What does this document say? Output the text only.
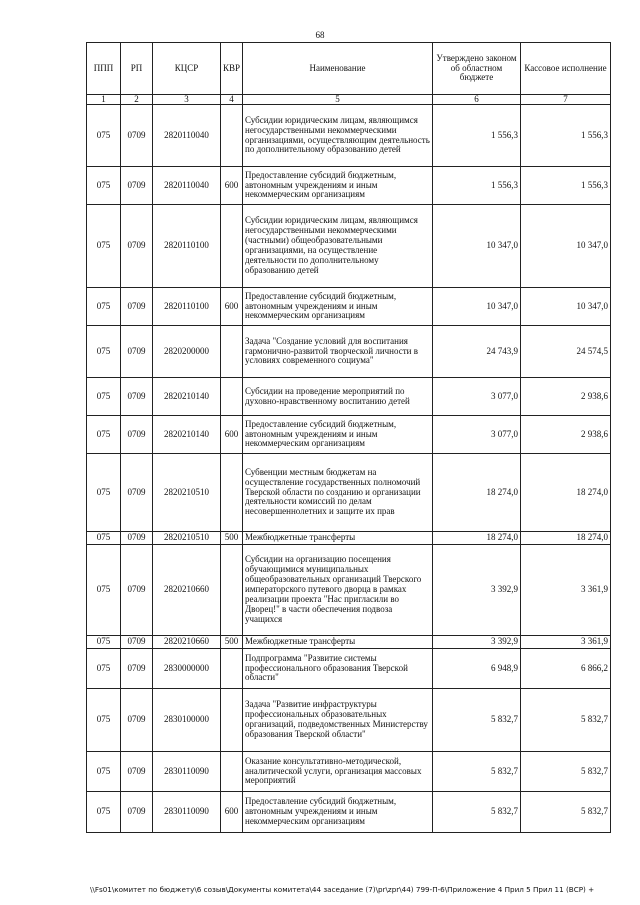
68
ППП	РП	КЦСР	КВР	Наименование	Утверждено законом об областном бюджете	Кассовое исполнение
1	2	3	4	5	6	7
075	0709	2820110040		Субсидии юридическим лицам, являющимся негосударственными некоммерческими организациями, осуществляющим деятельность по дополнительному образованию детей	1 556,3	1 556,3
075	0709	2820110040	600	Предоставление субсидий бюджетным, автономным учреждениям и иным некоммерческим организациям	1 556,3	1 556,3
075	0709	2820110100		Субсидии юридическим лицам, являющимся негосударственными некоммерческими (частными) общеобразовательными организациями, на осуществление деятельности по дополнительному образованию детей	10 347,0	10 347,0
075	0709	2820110100	600	Предоставление субсидий бюджетным, автономным учреждениям и иным некоммерческим организациям	10 347,0	10 347,0
075	0709	2820200000		Задача "Создание условий для воспитания гармонично-развитой творческой личности в условиях современного социума"	24 743,9	24 574,5
075	0709	2820210140		Субсидии на проведение мероприятий по духовно-нравственному воспитанию детей	3 077,0	2 938,6
075	0709	2820210140	600	Предоставление субсидий бюджетным, автономным учреждениям и иным некоммерческим организациям	3 077,0	2 938,6
075	0709	2820210510		Субвенции местным бюджетам на осуществление государственных полномочий Тверской области по созданию и организации деятельности комиссий по делам несовершеннолетних и защите их прав	18 274,0	18 274,0
075	0709	2820210510	500	Межбюджетные трансферты	18 274,0	18 274,0
075	0709	2820210660		Субсидии на организацию посещения обучающимися муниципальных общеобразовательных организаций Тверского императорского путевого дворца в рамках реализации проекта "Нас пригласили во Дворец!" в части обеспечения подвоза учащихся	3 392,9	3 361,9
075	0709	2820210660	500	Межбюджетные трансферты	3 392,9	3 361,9
075	0709	2830000000		Подпрограмма "Развитие системы профессионального образования Тверской области"	6 948,9	6 866,2
075	0709	2830100000		Задача "Развитие инфраструктуры профессиональных образовательных организаций, подведомственных Министерству образования Тверской области"	5 832,7	5 832,7
075	0709	2830110090		Оказание консультативно-методической, аналитической услуги, организация массовых мероприятий	5 832,7	5 832,7
075	0709	2830110090	600	Предоставление субсидий бюджетным, автономным учреждениям и иным некоммерческим организациям	5 832,7	5 832,7
\\Fs01\комитет по бюджету\6 созыв\Документы комитета\44 заседание (7)\pr\zpr\44) 799-П-6\Приложение 4 Прил 5 Прил 11 (ВСР) +
